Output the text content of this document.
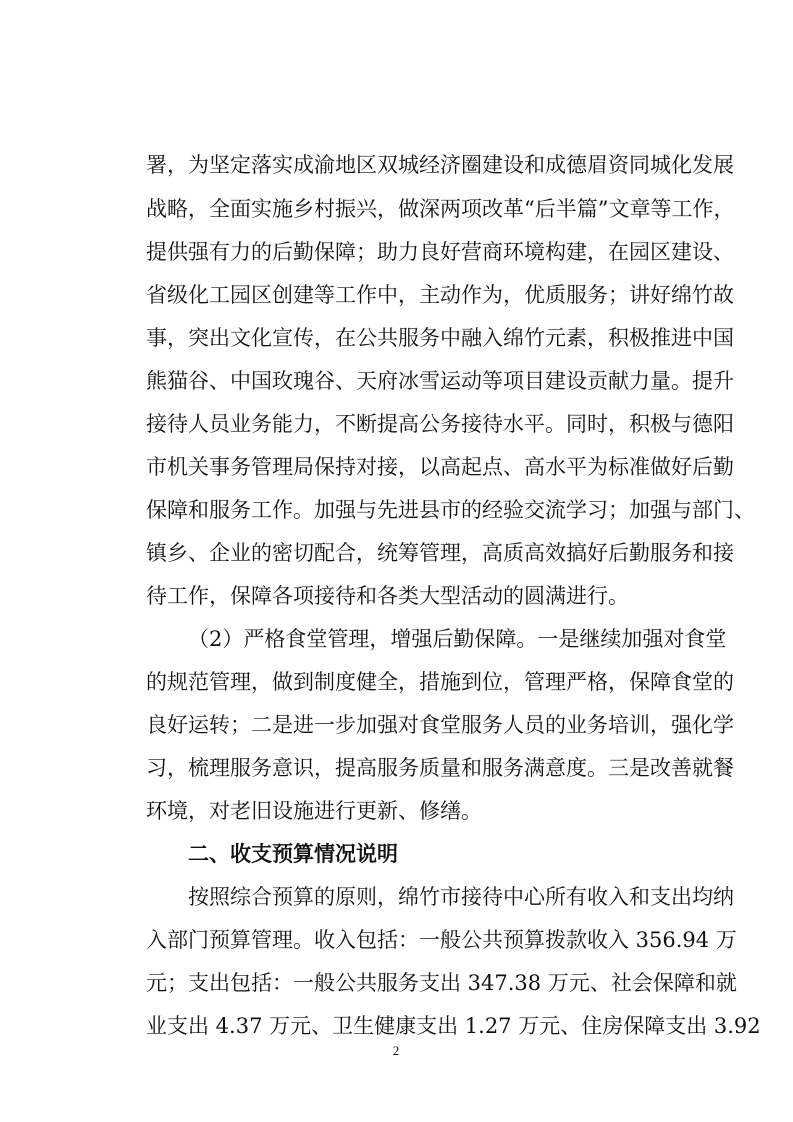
署，为坚定落实成渝地区双城经济圈建设和成德眉资同城化发展
战略，全面实施乡村振兴，做深两项改革“后半篇”文章等工作，
提供强有力的后勤保障；助力良好营商环境构建，在园区建设、
省级化工园区创建等工作中，主动作为，优质服务；讲好绵竹故
事，突出文化宣传，在公共服务中融入绵竹元素，积极推进中国
熊猫谷、中国玫瑰谷、天府冰雪运动等项目建设贡献力量。提升
接待人员业务能力，不断提高公务接待水平。同时，积极与德阳
市机关事务管理局保持对接，以高起点、高水平为标准做好后勤
保障和服务工作。加强与先进县市的经验交流学习；加强与部门、
镇乡、企业的密切配合，统筹管理，高质高效搞好后勤服务和接
待工作，保障各项接待和各类大型活动的圆满进行。
（2）严格食堂管理，增强后勤保障。一是继续加强对食堂
的规范管理，做到制度健全，措施到位，管理严格，保障食堂的
良好运转；二是进一步加强对食堂服务人员的业务培训，强化学
习，梳理服务意识，提高服务质量和服务满意度。三是改善就餐
环境，对老旧设施进行更新、修缮。
二、收支预算情况说明
按照综合预算的原则，绵竹市接待中心所有收入和支出均纳
入部门预算管理。收入包括：一般公共预算拨款收入 356.94 万
元；支出包括：一般公共服务支出 347.38 万元、社会保障和就
业支出 4.37 万元、卫生健康支出 1.27 万元、住房保障支出 3.92
2
